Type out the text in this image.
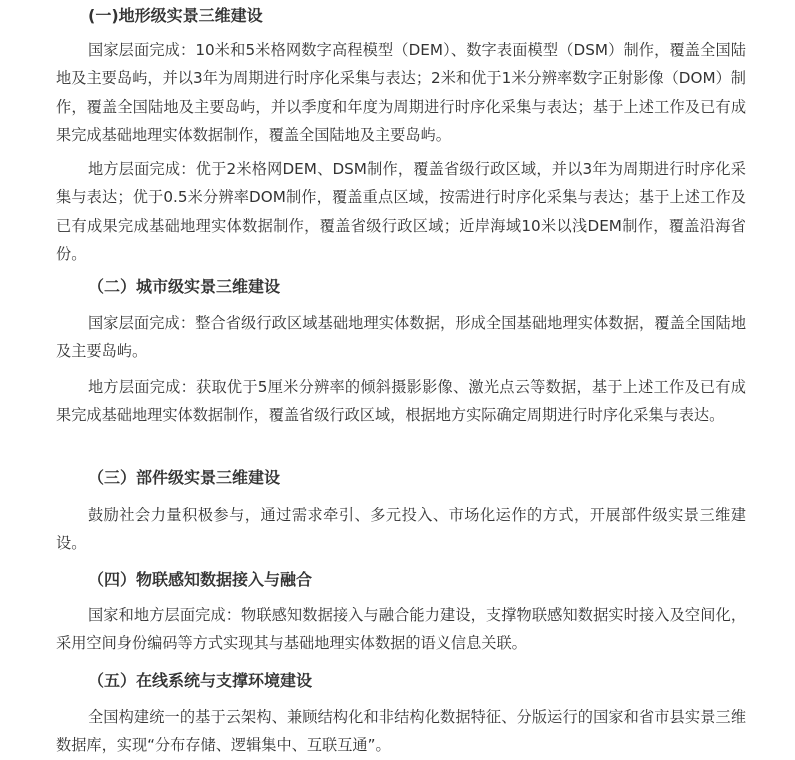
(一)地形级实景三维建设

国家层面完成：10米和5米格网数字高程模型（DEM）、数字表面模型（DSM）制作，覆盖全国陆地及主要岛屿，并以3年为周期进行时序化采集与表达；2米和优于1米分辨率数字正射影像（DOM）制作，覆盖全国陆地及主要岛屿，并以季度和年度为周期进行时序化采集与表达；基于上述工作及已有成果完成基础地理实体数据制作，覆盖全国陆地及主要岛屿。

地方层面完成：优于2米格网DEM、DSM制作，覆盖省级行政区域，并以3年为周期进行时序化采集与表达；优于0.5米分辨率DOM制作，覆盖重点区域，按需进行时序化采集与表达；基于上述工作及已有成果完成基础地理实体数据制作，覆盖省级行政区域；近岸海域10米以浅DEM制作，覆盖沿海省份。

（二）城市级实景三维建设

国家层面完成：整合省级行政区域基础地理实体数据，形成全国基础地理实体数据，覆盖全国陆地及主要岛屿。

地方层面完成：获取优于5厘米分辨率的倾斜摄影影像、激光点云等数据，基于上述工作及已有成果完成基础地理实体数据制作，覆盖省级行政区域，根据地方实际确定周期进行时序化采集与表达。

（三）部件级实景三维建设

鼓励社会力量积极参与，通过需求牵引、多元投入、市场化运作的方式，开展部件级实景三维建设。

（四）物联感知数据接入与融合

国家和地方层面完成：物联感知数据接入与融合能力建设，支撑物联感知数据实时接入及空间化，采用空间身份编码等方式实现其与基础地理实体数据的语义信息关联。

（五）在线系统与支撑环境建设

全国构建统一的基于云架构、兼顾结构化和非结构化数据特征、分版运行的国家和省市县实景三维数据库，实现“分布存储、逻辑集中、互联互通”。
